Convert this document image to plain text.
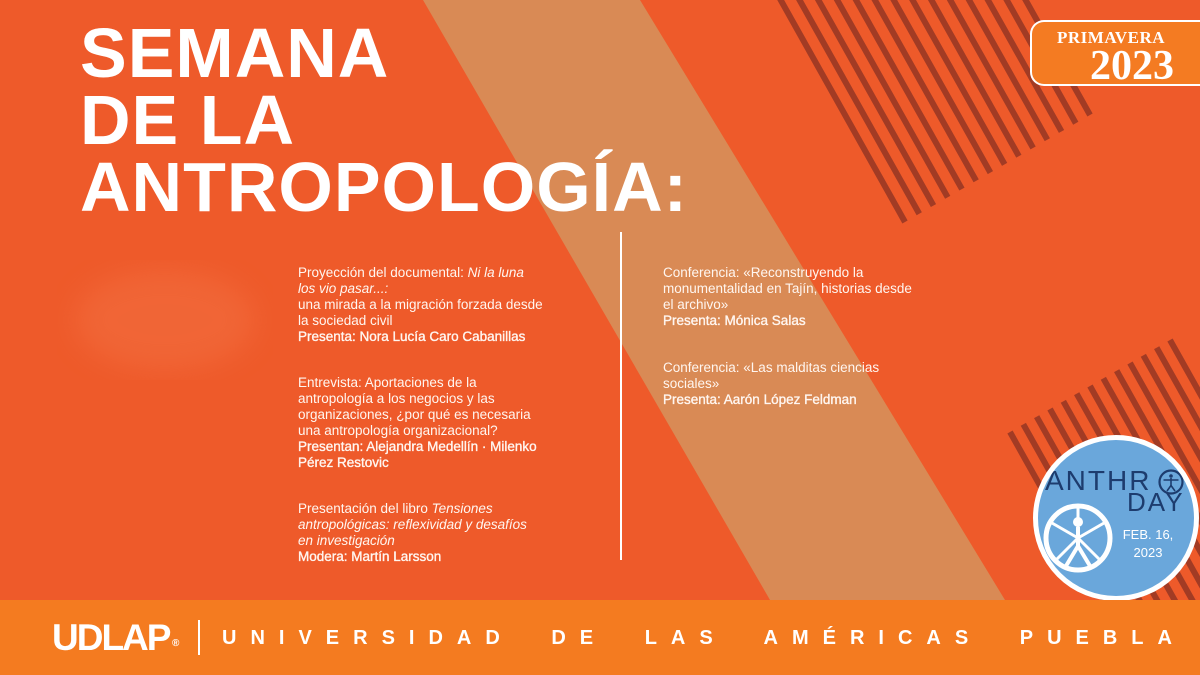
SEMANA
DE LA
ANTROPOLOGÍA:
PRIMAVERA
2023
Proyección del documental: Ni la luna
los vio pasar...:
una mirada a la migración forzada desde
la sociedad civil
Presenta: Nora Lucía Caro Cabanillas
Entrevista: Aportaciones de la
antropología a los negocios y las
organizaciones, ¿por qué es necesaria
una antropología organizacional?
Presentan: Alejandra Medellín · Milenko
Pérez Restovic
Presentación del libro Tensiones
antropológicas: reflexividad y desafíos
en investigación
Modera: Martín Larsson
Conferencia: «Reconstruyendo la
monumentalidad en Tajín, historias desde
el archivo»
Presenta: Mónica Salas
Conferencia: «Las malditas ciencias
sociales»
Presenta: Aarón López Feldman
ANTHR
DAY
FEB. 16,
2023
UDLAP ® UNIVERSIDAD DE LAS AMÉRICAS PUEBLA
